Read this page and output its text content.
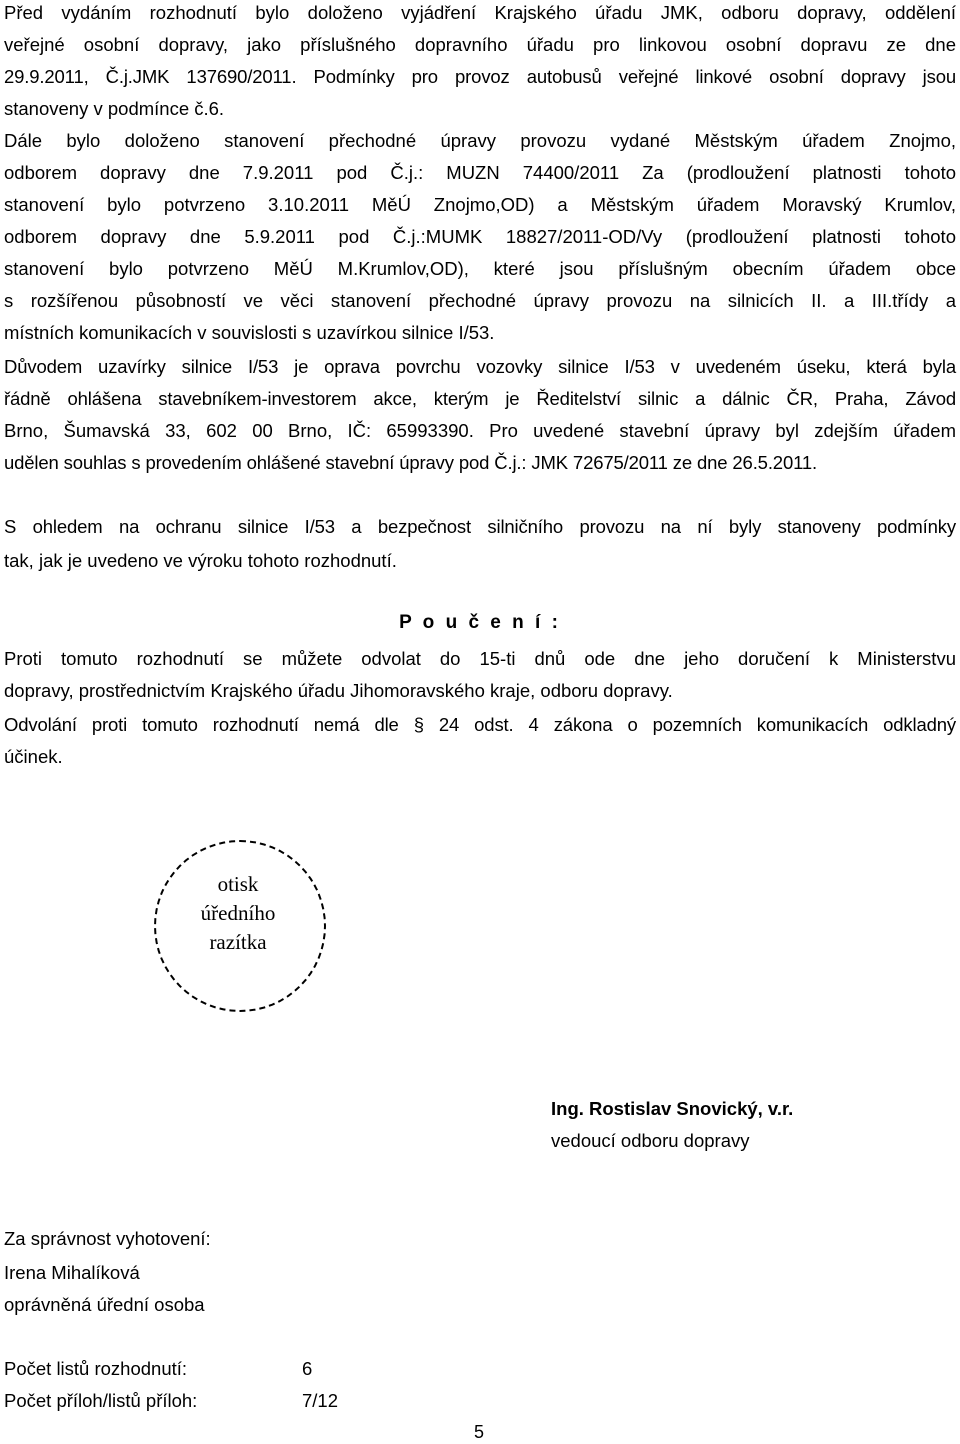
Před vydáním rozhodnutí bylo doloženo vyjádření Krajského úřadu JMK, odboru dopravy, oddělení
veřejné osobní dopravy, jako příslušného dopravního úřadu pro linkovou osobní dopravu ze dne
29.9.2011, Č.j.JMK 137690/2011. Podmínky pro provoz autobusů veřejné linkové osobní dopravy jsou
stanoveny v podmínce č.6.
Dále bylo doloženo stanovení přechodné úpravy provozu vydané Městským úřadem Znojmo,
odborem dopravy dne 7.9.2011 pod Č.j.: MUZN 74400/2011 Za (prodloužení platnosti tohoto
stanovení bylo potvrzeno 3.10.2011 MěÚ Znojmo,OD) a Městským úřadem Moravský Krumlov,
odborem dopravy dne 5.9.2011 pod Č.j.:MUMK 18827/2011-OD/Vy (prodloužení platnosti tohoto
stanovení bylo potvrzeno MěÚ M.Krumlov,OD), které jsou příslušným obecním úřadem obce
s rozšířenou působností ve věci stanovení přechodné úpravy provozu na silnicích II. a III.třídy a
místních komunikacích v souvislosti s uzavírkou silnice I/53.
Důvodem uzavírky silnice I/53 je oprava povrchu vozovky silnice I/53 v uvedeném úseku, která byla
řádně ohlášena stavebníkem-investorem akce, kterým je Ředitelství silnic a dálnic ČR, Praha, Závod
Brno, Šumavská 33, 602 00 Brno, IČ: 65993390. Pro uvedené stavební úpravy byl zdejším úřadem
udělen souhlas s provedením ohlášené stavební úpravy pod Č.j.: JMK 72675/2011 ze dne 26.5.2011.
S ohledem na ochranu silnice I/53 a bezpečnost silničního provozu na ní byly stanoveny podmínky
tak, jak je uvedeno ve výroku tohoto rozhodnutí.
P o u č e n í :
Proti tomuto rozhodnutí se můžete odvolat do 15-ti dnů ode dne jeho doručení k Ministerstvu
dopravy, prostřednictvím Krajského úřadu Jihomoravského kraje, odboru dopravy.
Odvolání proti tomuto rozhodnutí nemá dle § 24 odst. 4 zákona o pozemních komunikacích odkladný
účinek.
otisk
úředního
razítka
Ing. Rostislav Snovický, v.r.
vedoucí odboru dopravy
Za správnost vyhotovení:
Irena Mihalíková
oprávněná úřední osoba
Počet listů rozhodnutí:	6
Počet příloh/listů příloh:	7/12
5
